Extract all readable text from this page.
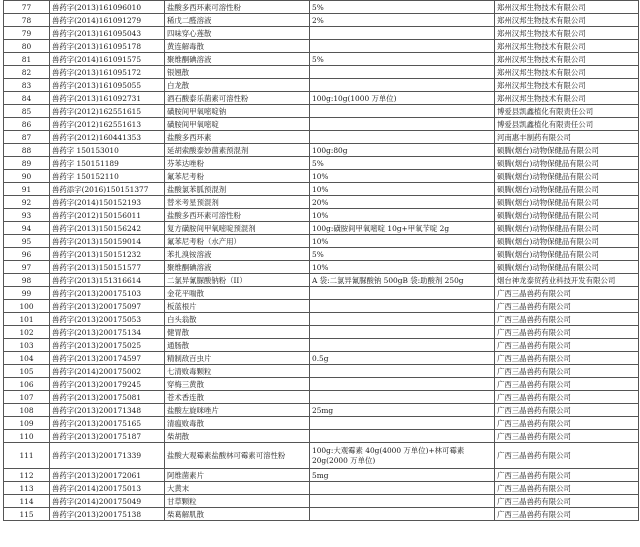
77	兽药字(2013)161096010	盐酸多西环素可溶性粉	5%	郑州汉邦生物技术有限公司
78	兽药字(2014)161091279	稀戊二醛溶液	2%	郑州汉邦生物技术有限公司
79	兽药字(2013)161095043	四味穿心莲散		郑州汉邦生物技术有限公司
80	兽药字(2013)161095178	黄连解毒散		郑州汉邦生物技术有限公司
81	兽药字(2014)161091575	聚维酮碘溶液	5%	郑州汉邦生物技术有限公司
82	兽药字(2013)161095172	银翘散		郑州汉邦生物技术有限公司
83	兽药字(2013)161095055	白龙散		郑州汉邦生物技术有限公司
84	兽药字(2013)161092731	酒石酸泰乐菌素可溶性粉	100g:10g(1000 万单位)	郑州汉邦生物技术有限公司
85	兽药字(2012)162551615	磺胺间甲氧嘧啶钠		博爱县凯鑫植化有限责任公司
86	兽药字(2012)162551613	磺胺间甲氧嘧啶		博爱县凯鑫植化有限责任公司
87	兽药字(2012)160441353	盐酸多西环素		河南惠丰制药有限公司
88	兽药字 150153010	延胡索酸泰妙菌素预混剂	100g:80g	硕腾(烟台)动物保健品有限公司
89	兽药字 150151189	芬苯达唑粉	5%	硕腾(烟台)动物保健品有限公司
90	兽药字 150152110	氟苯尼考粉	10%	硕腾(烟台)动物保健品有限公司
91	兽药添字(2016)150151377	盐酸氯苯胍预混剂	10%	硕腾(烟台)动物保健品有限公司
92	兽药字(2014)150152193	替米考星预混剂	20%	硕腾(烟台)动物保健品有限公司
93	兽药字(2012)150156011	盐酸多西环素可溶性粉	10%	硕腾(烟台)动物保健品有限公司
94	兽药字(2013)150156242	复方磺胺间甲氧嘧啶预混剂	100g:磺胺间甲氧嘧啶 10g+甲氧苄啶 2g	硕腾(烟台)动物保健品有限公司
95	兽药字(2013)150159014	氟苯尼考粉（水产用）	10%	硕腾(烟台)动物保健品有限公司
96	兽药字(2013)150151232	苯扎溴铵溶液	5%	硕腾(烟台)动物保健品有限公司
97	兽药字(2013)150151577	聚维酮碘溶液	10%	硕腾(烟台)动物保健品有限公司
98	兽药字(2013)151316614	二氯异氰脲酸钠粉（II）	A 袋:二氯异氰脲酸钠 500gB 袋:助酸剂 250g	烟台神龙泰贸药业科技开发有限公司
99	兽药字(2013)200175103	金花平喘散		广西三晶兽药有限公司
100	兽药字(2013)200175097	板蓝根片		广西三晶兽药有限公司
101	兽药字(2013)200175053	白头翁散		广西三晶兽药有限公司
102	兽药字(2013)200175134	健胃散		广西三晶兽药有限公司
103	兽药字(2013)200175025	通肠散		广西三晶兽药有限公司
104	兽药字(2013)200174597	精制敌百虫片	0.5g	广西三晶兽药有限公司
105	兽药字(2014)200175002	七清败毒颗粒		广西三晶兽药有限公司
106	兽药字(2013)200179245	穿梅三黄散		广西三晶兽药有限公司
107	兽药字(2013)200175081	苍术香连散		广西三晶兽药有限公司
108	兽药字(2013)200171348	盐酸左旋咪唑片	25mg	广西三晶兽药有限公司
109	兽药字(2013)200175165	清瘟败毒散		广西三晶兽药有限公司
110	兽药字(2013)200175187	柴胡散		广西三晶兽药有限公司
111	兽药字(2013)200171339	盐酸大观霉素盐酸林可霉素可溶性粉	100g:大观霉素 40g(4000 万单位)+林可霉素 20g(2000 万单位)	广西三晶兽药有限公司
112	兽药字(2013)200172061	阿维菌素片	5mg	广西三晶兽药有限公司
113	兽药字(2014)200175013	大黄末		广西三晶兽药有限公司
114	兽药字(2014)200175049	甘草颗粒		广西三晶兽药有限公司
115	兽药字(2013)200175138	柴葛解肌散		广西三晶兽药有限公司
